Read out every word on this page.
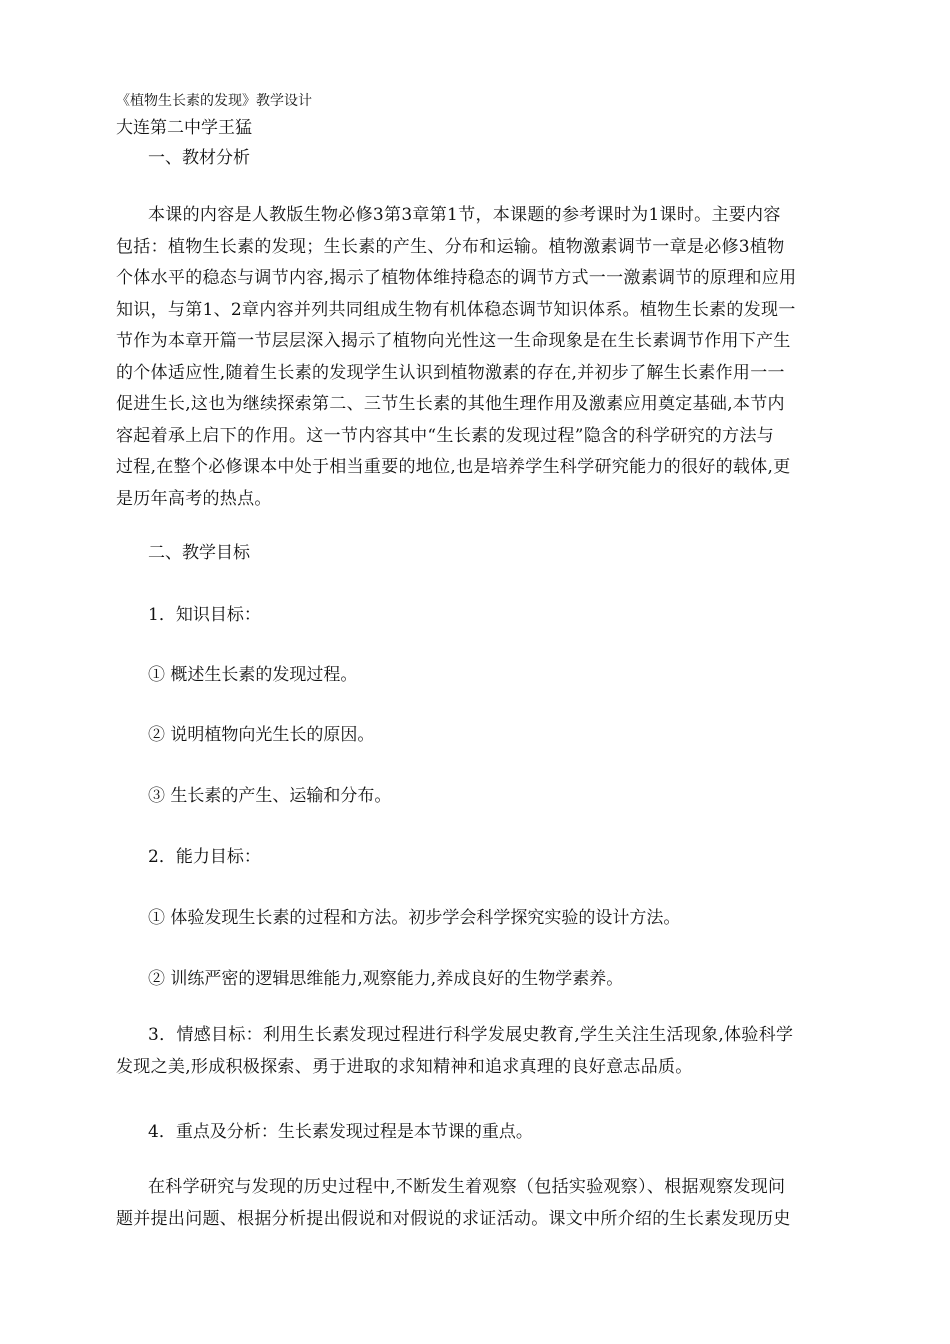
《植物生长素的发现》教学设计
大连第二中学王猛
一、教材分析
本课的内容是人教版生物必修3第3章第1节，本课题的参考课时为1课时。主要内容
包括：植物生长素的发现；生长素的产生、分布和运输。植物激素调节一章是必修3植物
个体水平的稳态与调节内容,揭示了植物体维持稳态的调节方式一一激素调节的原理和应用
知识，与第1、2章内容并列共同组成生物有机体稳态调节知识体系。植物生长素的发现一
节作为本章开篇一节层层深入揭示了植物向光性这一生命现象是在生长素调节作用下产生
的个体适应性,随着生长素的发现学生认识到植物激素的存在,并初步了解生长素作用一一
促进生长,这也为继续探索第二、三节生长素的其他生理作用及激素应用奠定基础,本节内
容起着承上启下的作用。这一节内容其中“生长素的发现过程”隐含的科学研究的方法与
过程,在整个必修课本中处于相当重要的地位,也是培养学生科学研究能力的很好的载体,更
是历年高考的热点。
二、教学目标
1．知识目标：
① 概述生长素的发现过程。
② 说明植物向光生长的原因。
③ 生长素的产生、运输和分布。
2．能力目标：
① 体验发现生长素的过程和方法。初步学会科学探究实验的设计方法。
② 训练严密的逻辑思维能力,观察能力,养成良好的生物学素养。
3．情感目标：利用生长素发现过程进行科学发展史教育,学生关注生活现象,体验科学
发现之美,形成积极探索、勇于进取的求知精神和追求真理的良好意志品质。
4．重点及分析：生长素发现过程是本节课的重点。
在科学研究与发现的历史过程中,不断发生着观察（包括实验观察）、根据观察发现问
题并提出问题、根据分析提出假说和对假说的求证活动。课文中所介绍的生长素发现历史
